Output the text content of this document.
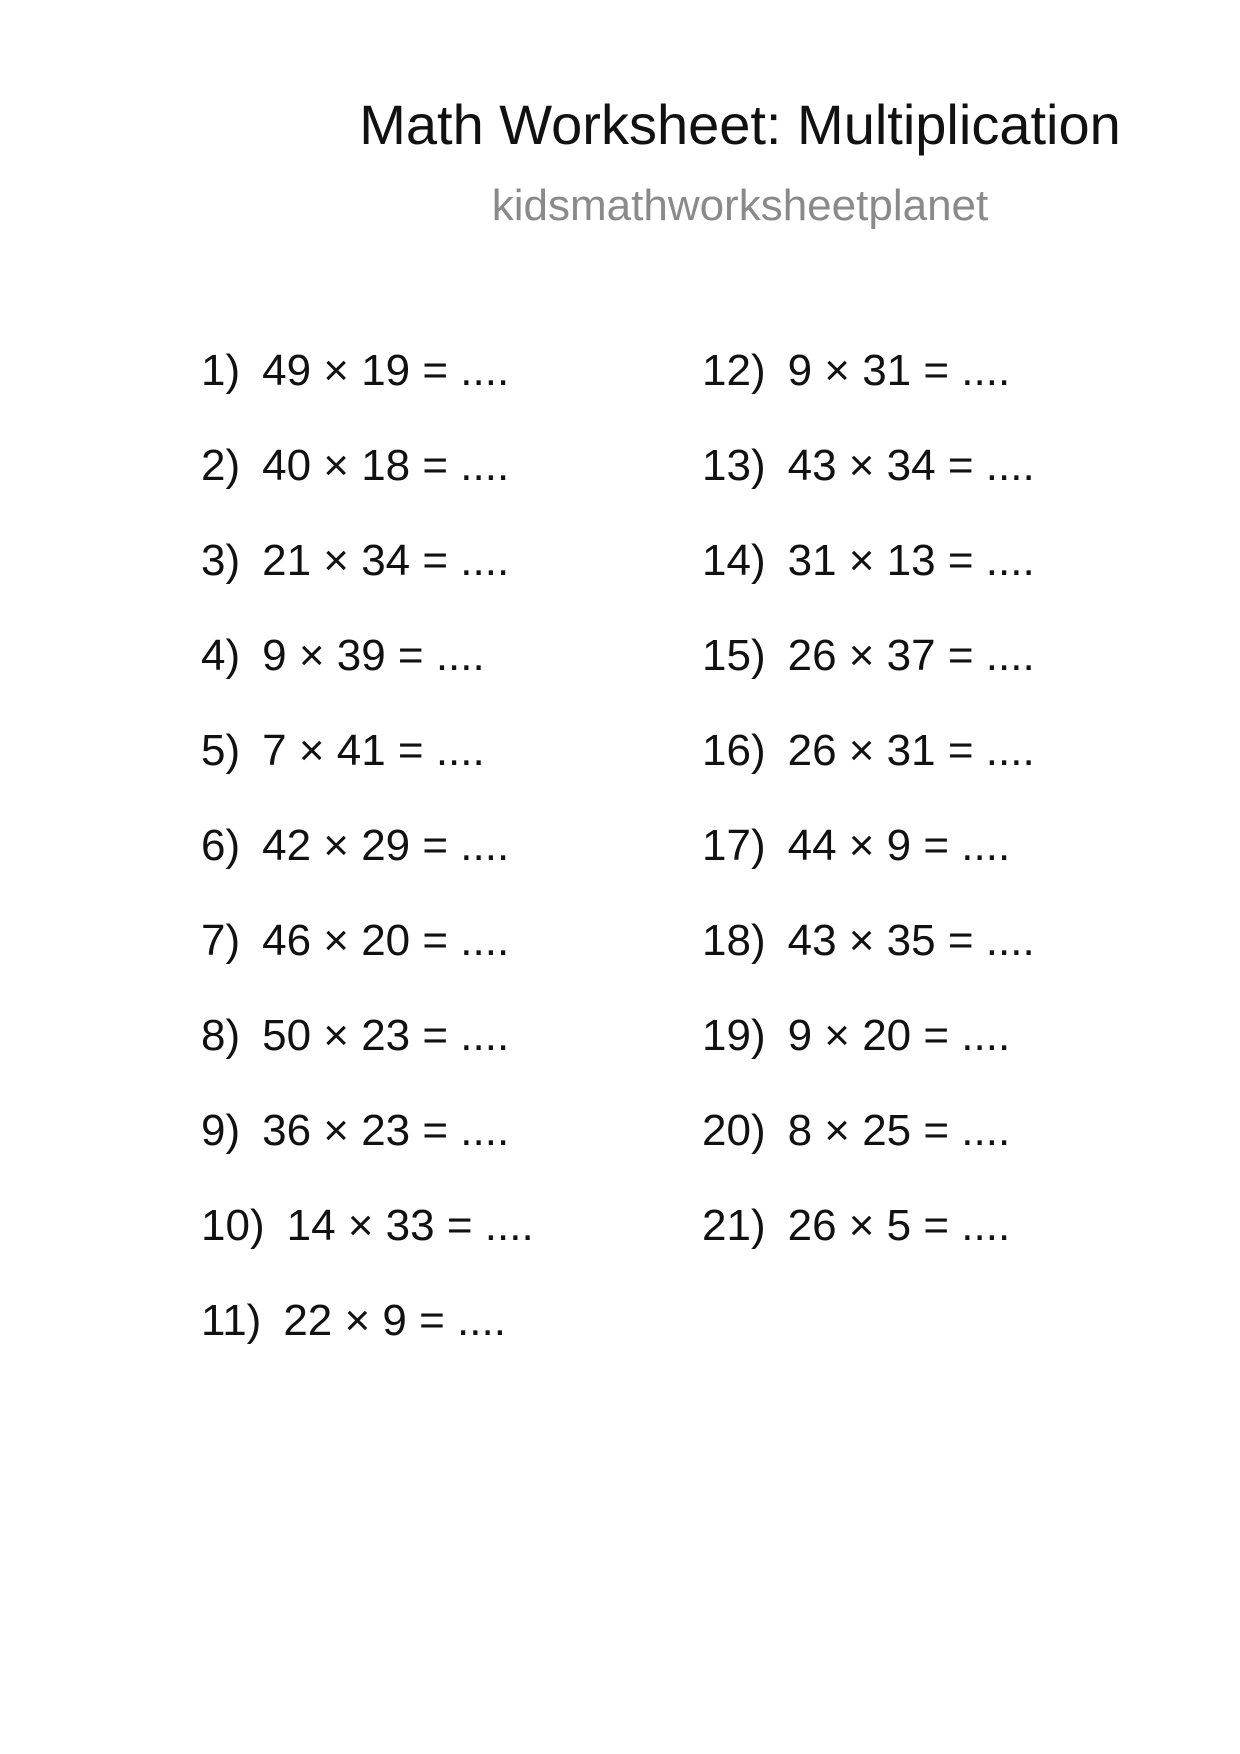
Math Worksheet: Multiplication
kidsmathworksheetplanet
1) 49 × 19 = ....
2) 40 × 18 = ....
3) 21 × 34 = ....
4) 9 × 39 = ....
5) 7 × 41 = ....
6) 42 × 29 = ....
7) 46 × 20 = ....
8) 50 × 23 = ....
9) 36 × 23 = ....
10) 14 × 33 = ....
11) 22 × 9 = ....
12) 9 × 31 = ....
13) 43 × 34 = ....
14) 31 × 13 = ....
15) 26 × 37 = ....
16) 26 × 31 = ....
17) 44 × 9 = ....
18) 43 × 35 = ....
19) 9 × 20 = ....
20) 8 × 25 = ....
21) 26 × 5 = ....
